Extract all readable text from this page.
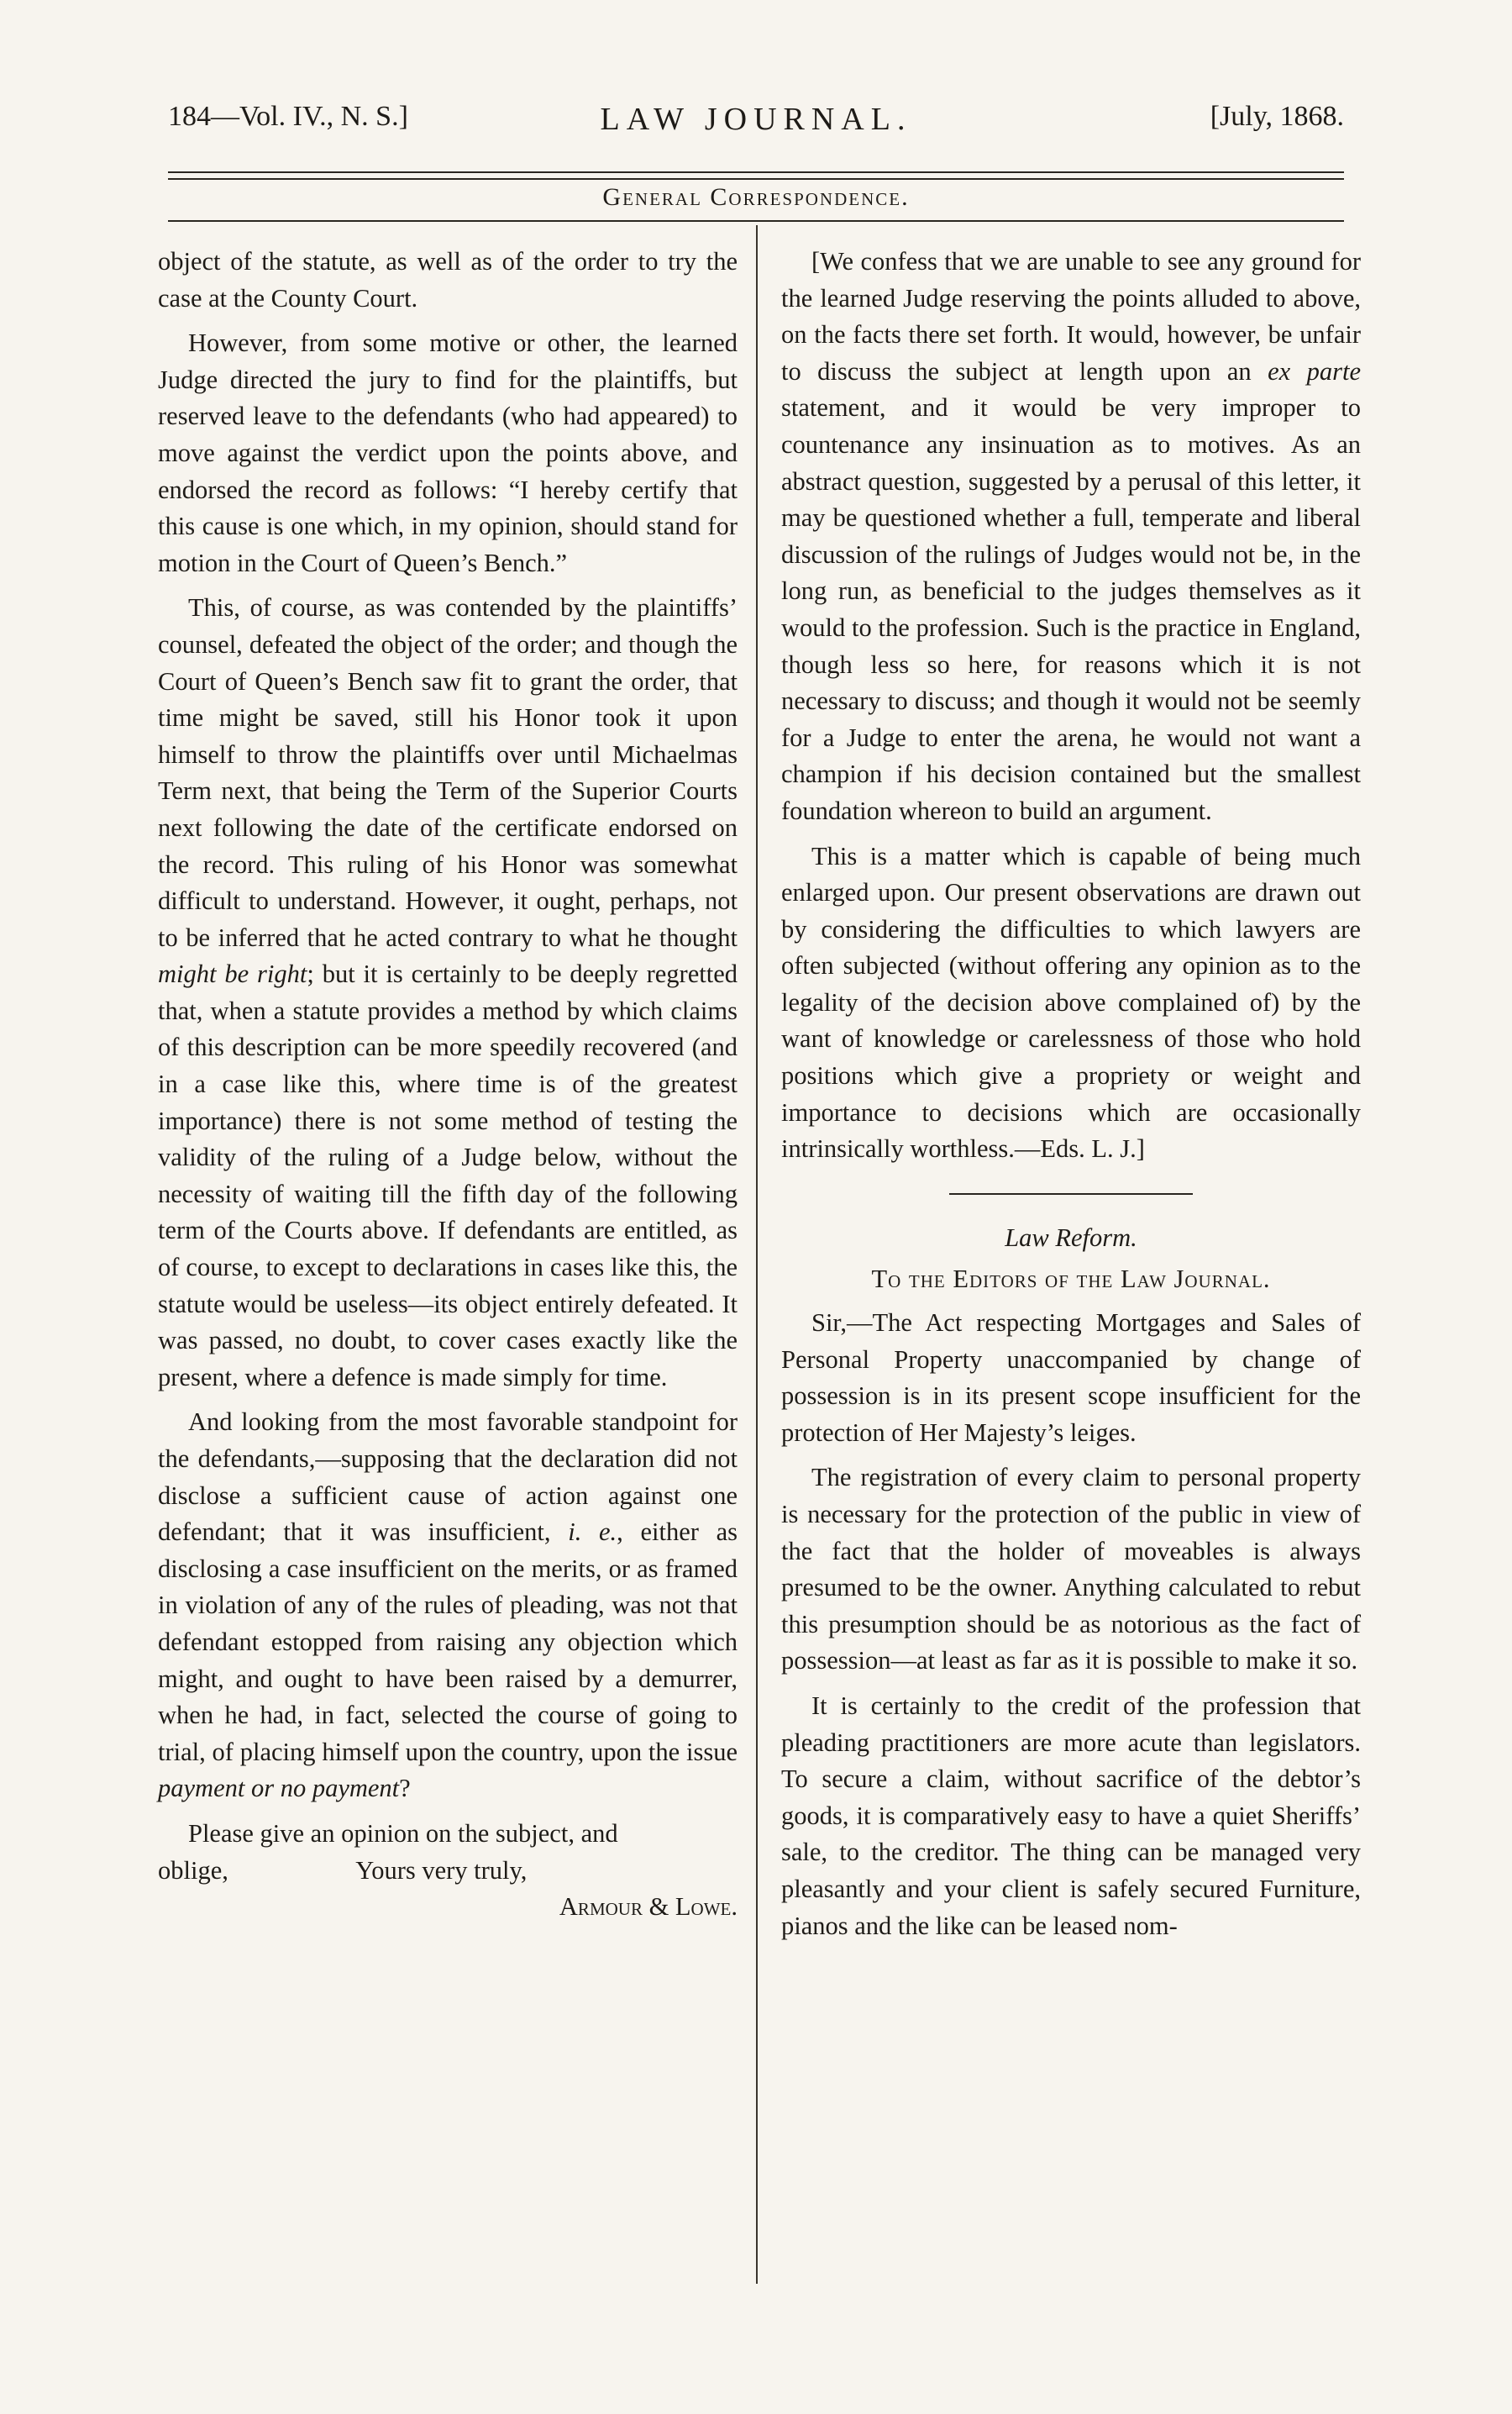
184—Vol. IV., N. S.]	LAW JOURNAL.	[July, 1868.
General Correspondence.

object of the statute, as well as of the order to try the case at the County Court.

However, from some motive or other, the learned Judge directed the jury to find for the plaintiffs, but reserved leave to the defendants (who had appeared) to move against the verdict upon the points above, and endorsed the record as follows: “I hereby certify that this cause is one which, in my opinion, should stand for motion in the Court of Queen’s Bench.”

This, of course, as was contended by the plaintiffs’ counsel, defeated the object of the order; and though the Court of Queen’s Bench saw fit to grant the order, that time might be saved, still his Honor took it upon himself to throw the plaintiffs over until Michaelmas Term next, that being the Term of the Superior Courts next following the date of the certificate endorsed on the record. This ruling of his Honor was somewhat difficult to understand. However, it ought, perhaps, not to be inferred that he acted contrary to what he thought might be right; but it is certainly to be deeply regretted that, when a statute provides a method by which claims of this description can be more speedily recovered (and in a case like this, where time is of the greatest importance) there is not some method of testing the validity of the ruling of a Judge below, without the necessity of waiting till the fifth day of the following term of the Courts above. If defendants are entitled, as of course, to except to declarations in cases like this, the statute would be useless—its object entirely defeated. It was passed, no doubt, to cover cases exactly like the present, where a defence is made simply for time.

And looking from the most favorable standpoint for the defendants,—supposing that the declaration did not disclose a sufficient cause of action against one defendant; that it was insufficient, i. e., either as disclosing a case insufficient on the merits, or as framed in violation of any of the rules of pleading, was not that defendant estopped from raising any objection which might, and ought to have been raised by a demurrer, when he had, in fact, selected the course of going to trial, of placing himself upon the country, upon the issue payment or no payment?

Please give an opinion on the subject, and

oblige,                    Yours very truly,

Armour & Lowe.

[We confess that we are unable to see any ground for the learned Judge reserving the points alluded to above, on the facts there set forth. It would, however, be unfair to discuss the subject at length upon an ex parte statement, and it would be very improper to countenance any insinuation as to motives. As an abstract question, suggested by a perusal of this letter, it may be questioned whether a full, temperate and liberal discussion of the rulings of Judges would not be, in the long run, as beneficial to the judges themselves as it would to the profession. Such is the practice in England, though less so here, for reasons which it is not necessary to discuss; and though it would not be seemly for a Judge to enter the arena, he would not want a champion if his decision contained but the smallest foundation whereon to build an argument.

This is a matter which is capable of being much enlarged upon. Our present observations are drawn out by considering the difficulties to which lawyers are often subjected (without offering any opinion as to the legality of the decision above complained of) by the want of knowledge or carelessness of those who hold positions which give a propriety or weight and importance to decisions which are occasionally intrinsically worthless.—Eds. L. J.]

Law Reform.

To the Editors of the Law Journal.

Sir,—The Act respecting Mortgages and Sales of Personal Property unaccompanied by change of possession is in its present scope insufficient for the protection of Her Majesty’s leiges.

The registration of every claim to personal property is necessary for the protection of the public in view of the fact that the holder of moveables is always presumed to be the owner. Anything calculated to rebut this presumption should be as notorious as the fact of possession—at least as far as it is possible to make it so.

It is certainly to the credit of the profession that pleading practitioners are more acute than legislators. To secure a claim, without sacrifice of the debtor’s goods, it is comparatively easy to have a quiet Sheriffs’ sale, to the creditor. The thing can be managed very pleasantly and your client is safely secured Furniture, pianos and the like can be leased nom-
